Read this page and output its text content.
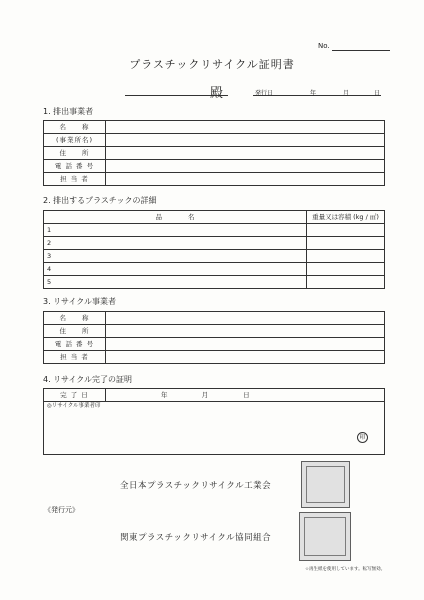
No.
プラスチックリサイクル証明書
殿	発行日	年	月	日
1. 排出事業者
名　　称	
(事業所名)	
住　　所	
電 話 番 号	
担 当 者	
2. 排出するプラスチックの詳細
品　　　　名	重量又は容積 (kg / ㎥)
1	
2	
3	
4	
5	
3. リサイクル事業者
名　　称	
住　　所	
電 話 番 号	
担 当 者	
4. リサイクル完了の証明
完 了 日	年	月	日

◎リサイクル事業者印
印
全日本プラスチックリサイクル工業会
《発行元》
関東プラスチックリサイクル協同組合
☆再生紙を使用しています。転写無効。
